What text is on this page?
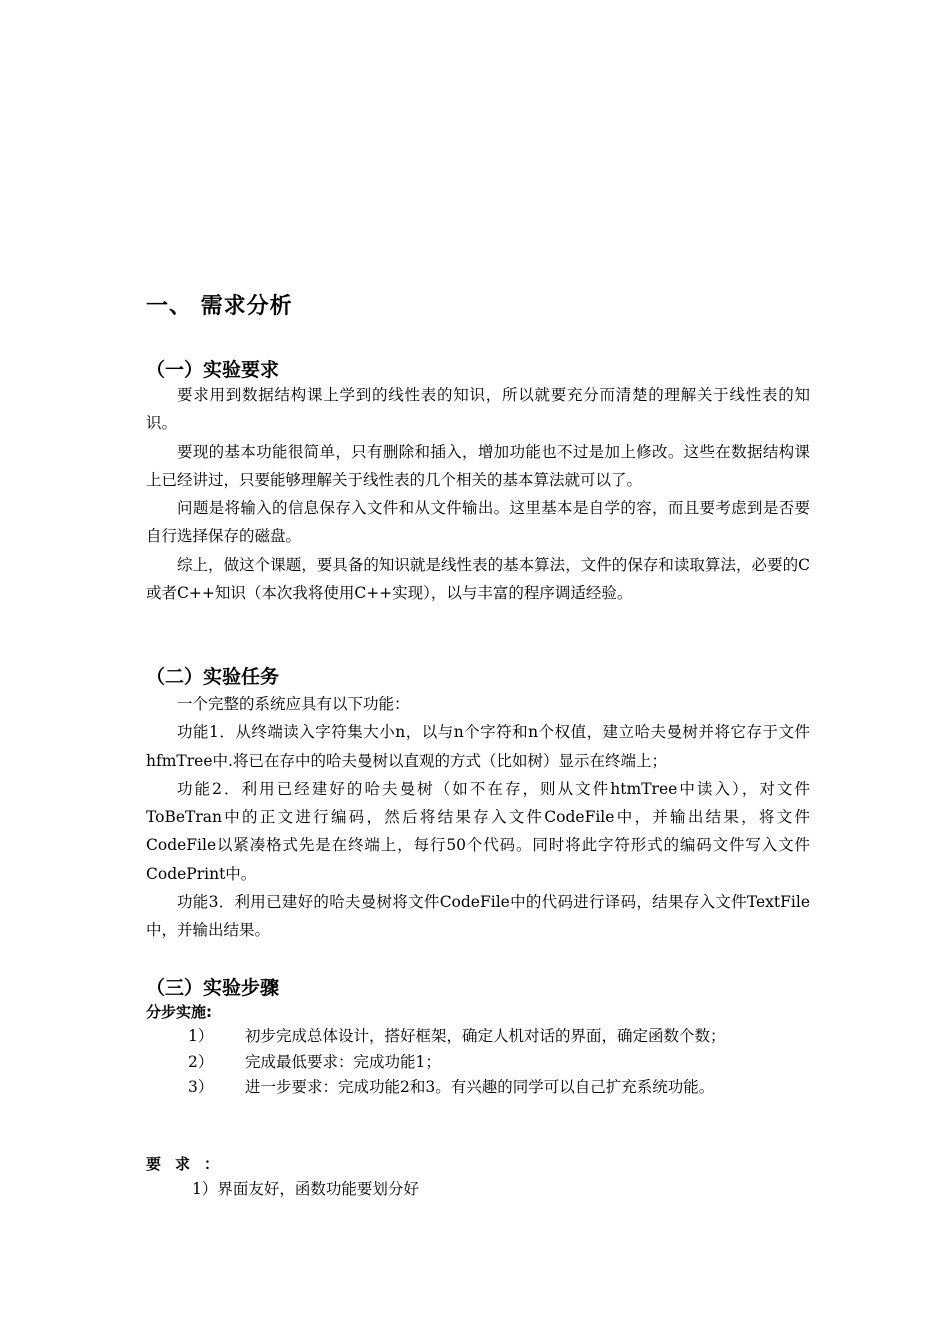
一、 需求分析
（一）实验要求

要求用到数据结构课上学到的线性表的知识，所以就要充分而清楚的理解关于线性表的知识。

要现的基本功能很简单，只有删除和插入，增加功能也不过是加上修改。这些在数据结构课上已经讲过，只要能够理解关于线性表的几个相关的基本算法就可以了。

问题是将输入的信息保存入文件和从文件输出。这里基本是自学的容，而且要考虑到是否要自行选择保存的磁盘。

综上，做这个课题，要具备的知识就是线性表的基本算法，文件的保存和读取算法，必要的C或者C++知识（本次我将使用C++实现），以与丰富的程序调适经验。

（二）实验任务

一个完整的系统应具有以下功能：

功能1．从终端读入字符集大小n，以与n个字符和n个权值，建立哈夫曼树并将它存于文件hfmTree中.将已在存中的哈夫曼树以直观的方式（比如树）显示在终端上；

功能2．利用已经建好的哈夫曼树（如不在存，则从文件htmTree中读入），对文件ToBeTran中的正文进行编码，然后将结果存入文件CodeFile中，并输出结果，将文件CodeFile以紧凑格式先是在终端上，每行50个代码。同时将此字符形式的编码文件写入文件CodePrint中。

功能3．利用已建好的哈夫曼树将文件CodeFile中的代码进行译码，结果存入文件TextFile中，并输出结果。

（三）实验步骤
分步实施:

1） 初步完成总体设计，搭好框架，确定人机对话的界面，确定函数个数；

2） 完成最低要求：完成功能1；

3） 进一步要求：完成功能2和3。有兴趣的同学可以自己扩充系统功能。

要求：
1）界面友好，函数功能要划分好
